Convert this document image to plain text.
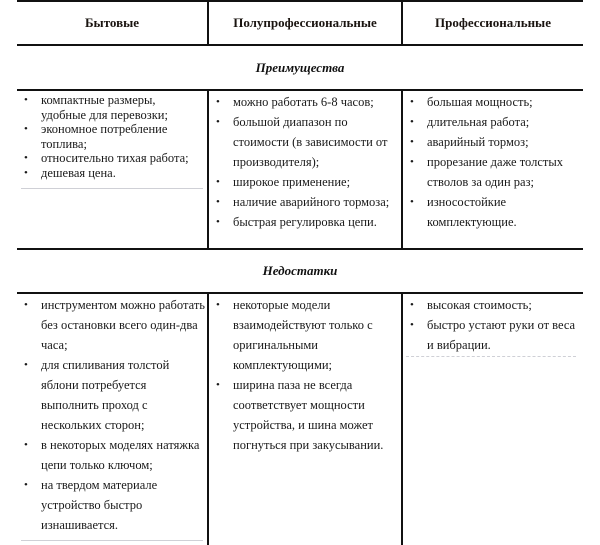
Бытовые	Полупрофессиональные	Профессиональные
Преимущества
• компактные размеры, удобные для перевозки;
• экономное потребление топлива;
• относительно тихая работа;
• дешевая цена.
• можно работать 6-8 часов;
• большой диапазон по стоимости (в зависимости от производителя);
• широкое применение;
• наличие аварийного тормоза;
• быстрая регулировка цепи.
• большая мощность;
• длительная работа;
• аварийный тормоз;
• прорезание даже толстых стволов за один раз;
• износостойкие комплектующие.
Недостатки
• инструментом можно работать без остановки всего один-два часа;
• для спиливания толстой яблони потребуется выполнить проход с нескольких сторон;
• в некоторых моделях натяжка цепи только ключом;
• на твердом материале устройство быстро изнашивается.
• некоторые модели взаимодействуют только с оригинальными комплектующими;
• ширина паза не всегда соответствует мощности устройства, и шина может погнуться при закусывании.
• высокая стоимость;
• быстро устают руки от веса и вибрации.
